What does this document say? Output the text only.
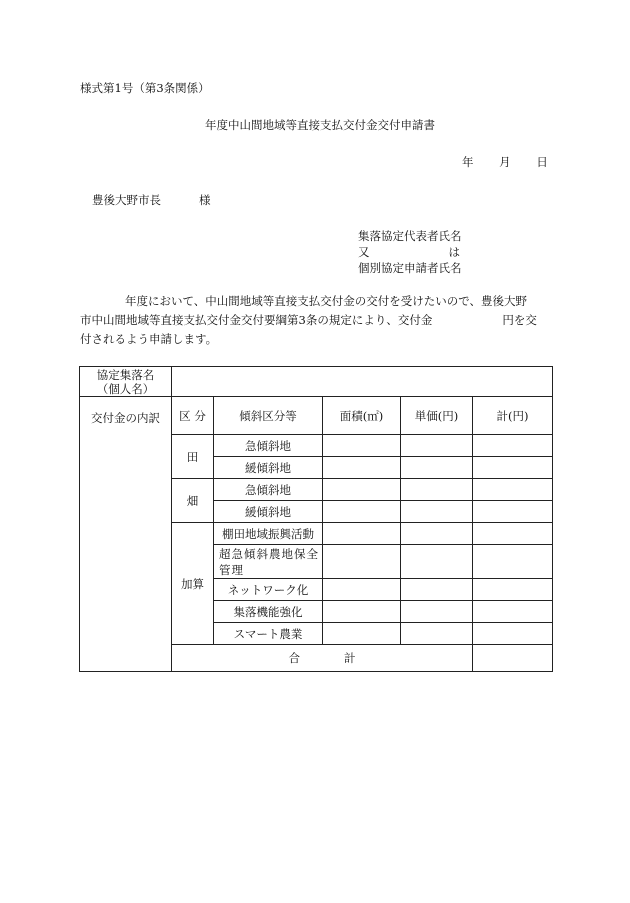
様式第1号（第3条関係）
年度中山間地域等直接支払交付金交付申請書
年 月 日
豊後大野市長	様
集落協定代表者氏名
又	は
個別協定申請者氏名

年度において、中山間地域等直接支払交付金の交付を受けたいので、豊後大野

市中山間地域等直接支払交付金交付要綱第3条の規定により、交付金	円を交

付されるよう申請します。

協定集落名
（個人名）					

交付金の内訳	区 分	傾斜区分等	面積(㎡)	単価(円)	計(円)
	田	急傾斜地			
		緩傾斜地			
	畑	急傾斜地			
		緩傾斜地			
	加算	棚田地域振興活動			
		超急傾斜農地保全管理			
		ネットワーク化			
		集落機能強化			
		スマート農業			
	合 計				
